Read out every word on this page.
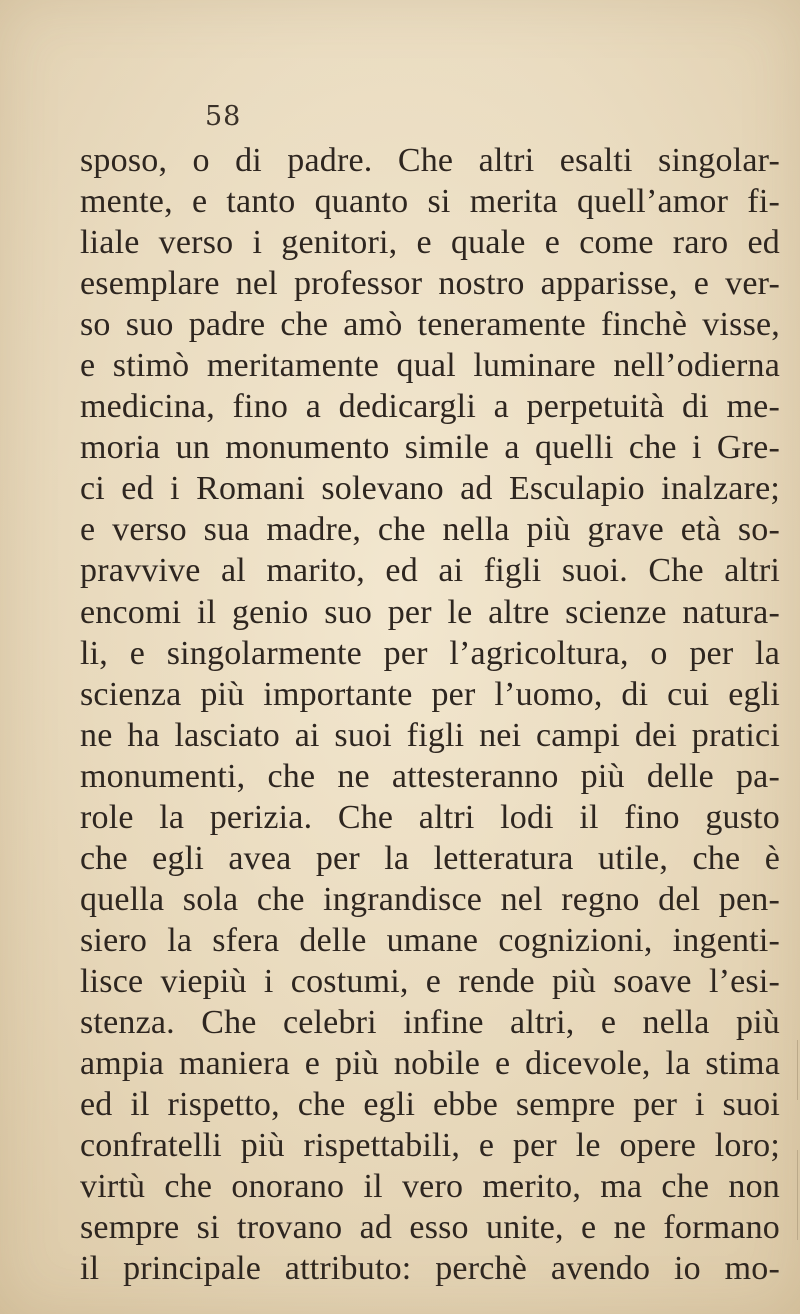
58
sposo, o di padre. Che altri esalti singolar-
mente, e tanto quanto si merita quell’amor fi-
liale verso i genitori, e quale e come raro ed
esemplare nel professor nostro apparisse, e ver-
so suo padre che amò teneramente finchè visse,
e stimò meritamente qual luminare nell’odierna
medicina, fino a dedicargli a perpetuità di me-
moria un monumento simile a quelli che i Gre-
ci ed i Romani solevano ad Esculapio inalzare;
e verso sua madre, che nella più grave età so-
pravvive al marito, ed ai figli suoi. Che altri
encomi il genio suo per le altre scienze natura-
li, e singolarmente per l’agricoltura, o per la
scienza più importante per l’uomo, di cui egli
ne ha lasciato ai suoi figli nei campi dei pratici
monumenti, che ne attesteranno più delle pa-
role la perizia. Che altri lodi il fino gusto
che egli avea per la letteratura utile, che è
quella sola che ingrandisce nel regno del pen-
siero la sfera delle umane cognizioni, ingenti-
lisce viepiù i costumi, e rende più soave l’esi-
stenza. Che celebri infine altri, e nella più
ampia maniera e più nobile e dicevole, la stima
ed il rispetto, che egli ebbe sempre per i suoi
confratelli più rispettabili, e per le opere loro;
virtù che onorano il vero merito, ma che non
sempre si trovano ad esso unite, e ne formano
il principale attributo: perchè avendo io mo-
